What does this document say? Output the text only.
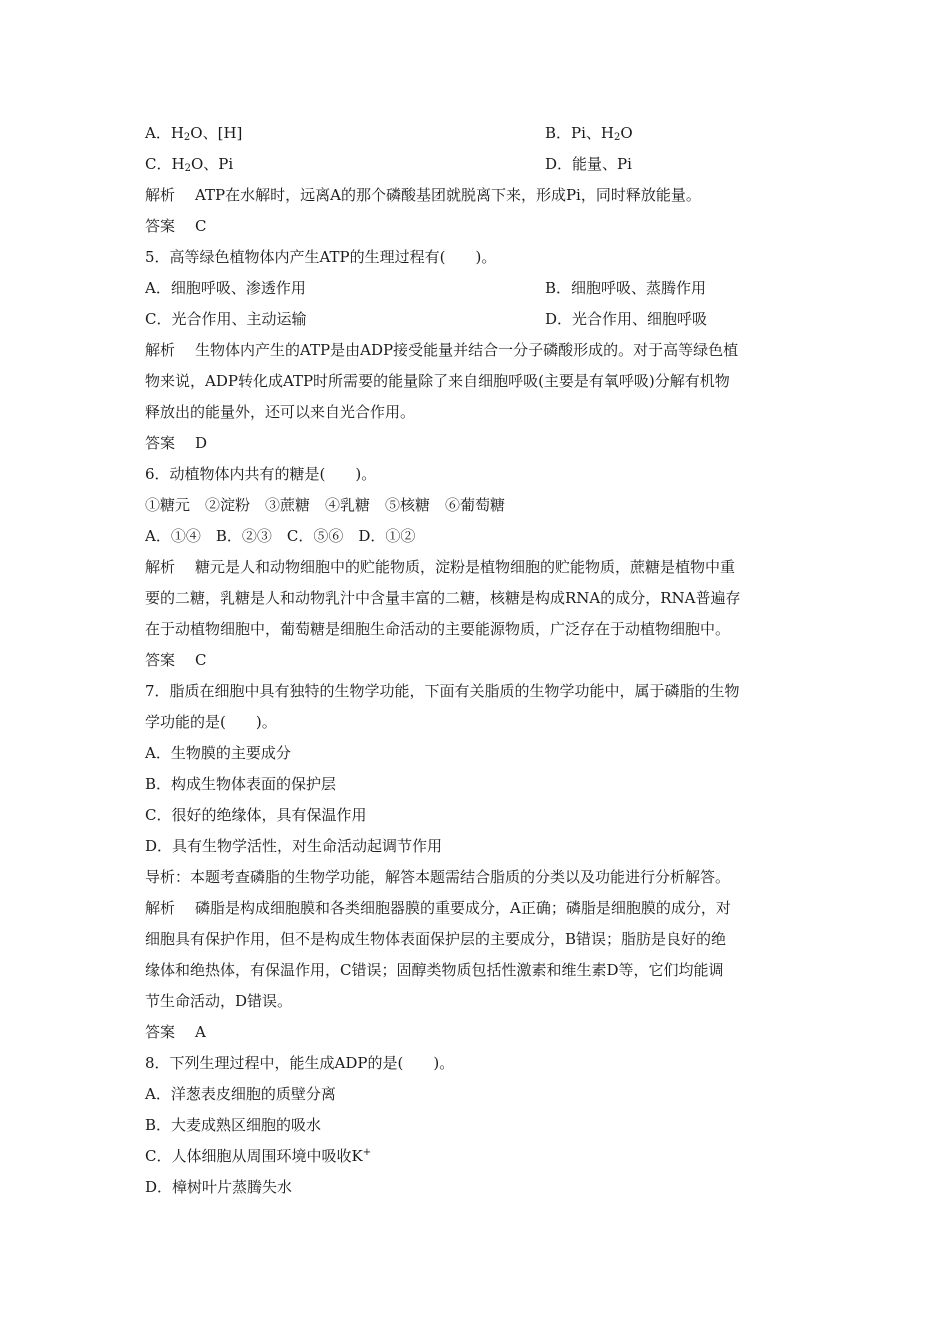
A．$H_2O$、[H]	B．Pi、$H_2O$
C．$H_2O$、Pi	D．能量、Pi
解析 ATP在水解时，远离A的那个磷酸基团就脱离下来，形成Pi，同时释放能量。
答案 C
5．高等绿色植物体内产生ATP的生理过程有(　　)。
A．细胞呼吸、渗透作用	B．细胞呼吸、蒸腾作用
C．光合作用、主动运输	D．光合作用、细胞呼吸
解析 生物体内产生的ATP是由ADP接受能量并结合一分子磷酸形成的。对于高等绿色植
物来说，ADP转化成ATP时所需要的能量除了来自细胞呼吸(主要是有氧呼吸)分解有机物
释放出的能量外，还可以来自光合作用。
答案 D
6．动植物体内共有的糖是(　　)。
①糖元　②淀粉　③蔗糖　④乳糖　⑤核糖　⑥葡萄糖
A．①④　B．②③　C．⑤⑥　D．①②
解析 糖元是人和动物细胞中的贮能物质，淀粉是植物细胞的贮能物质，蔗糖是植物中重
要的二糖，乳糖是人和动物乳汁中含量丰富的二糖，核糖是构成RNA的成分，RNA普遍存
在于动植物细胞中，葡萄糖是细胞生命活动的主要能源物质，广泛存在于动植物细胞中。
答案 C
7．脂质在细胞中具有独特的生物学功能，下面有关脂质的生物学功能中，属于磷脂的生物
学功能的是(　　)。
A．生物膜的主要成分
B．构成生物体表面的保护层
C．很好的绝缘体，具有保温作用
D．具有生物学活性，对生命活动起调节作用
导析：本题考查磷脂的生物学功能，解答本题需结合脂质的分类以及功能进行分析解答。
解析 磷脂是构成细胞膜和各类细胞器膜的重要成分，A正确；磷脂是细胞膜的成分，对
细胞具有保护作用，但不是构成生物体表面保护层的主要成分，B错误；脂肪是良好的绝
缘体和绝热体，有保温作用，C错误；固醇类物质包括性激素和维生素D等，它们均能调
节生命活动，D错误。
答案 A
8．下列生理过程中，能生成ADP的是(　　)。
A．洋葱表皮细胞的质壁分离
B．大麦成熟区细胞的吸水
C．人体细胞从周围环境中吸收K+
D．樟树叶片蒸腾失水
